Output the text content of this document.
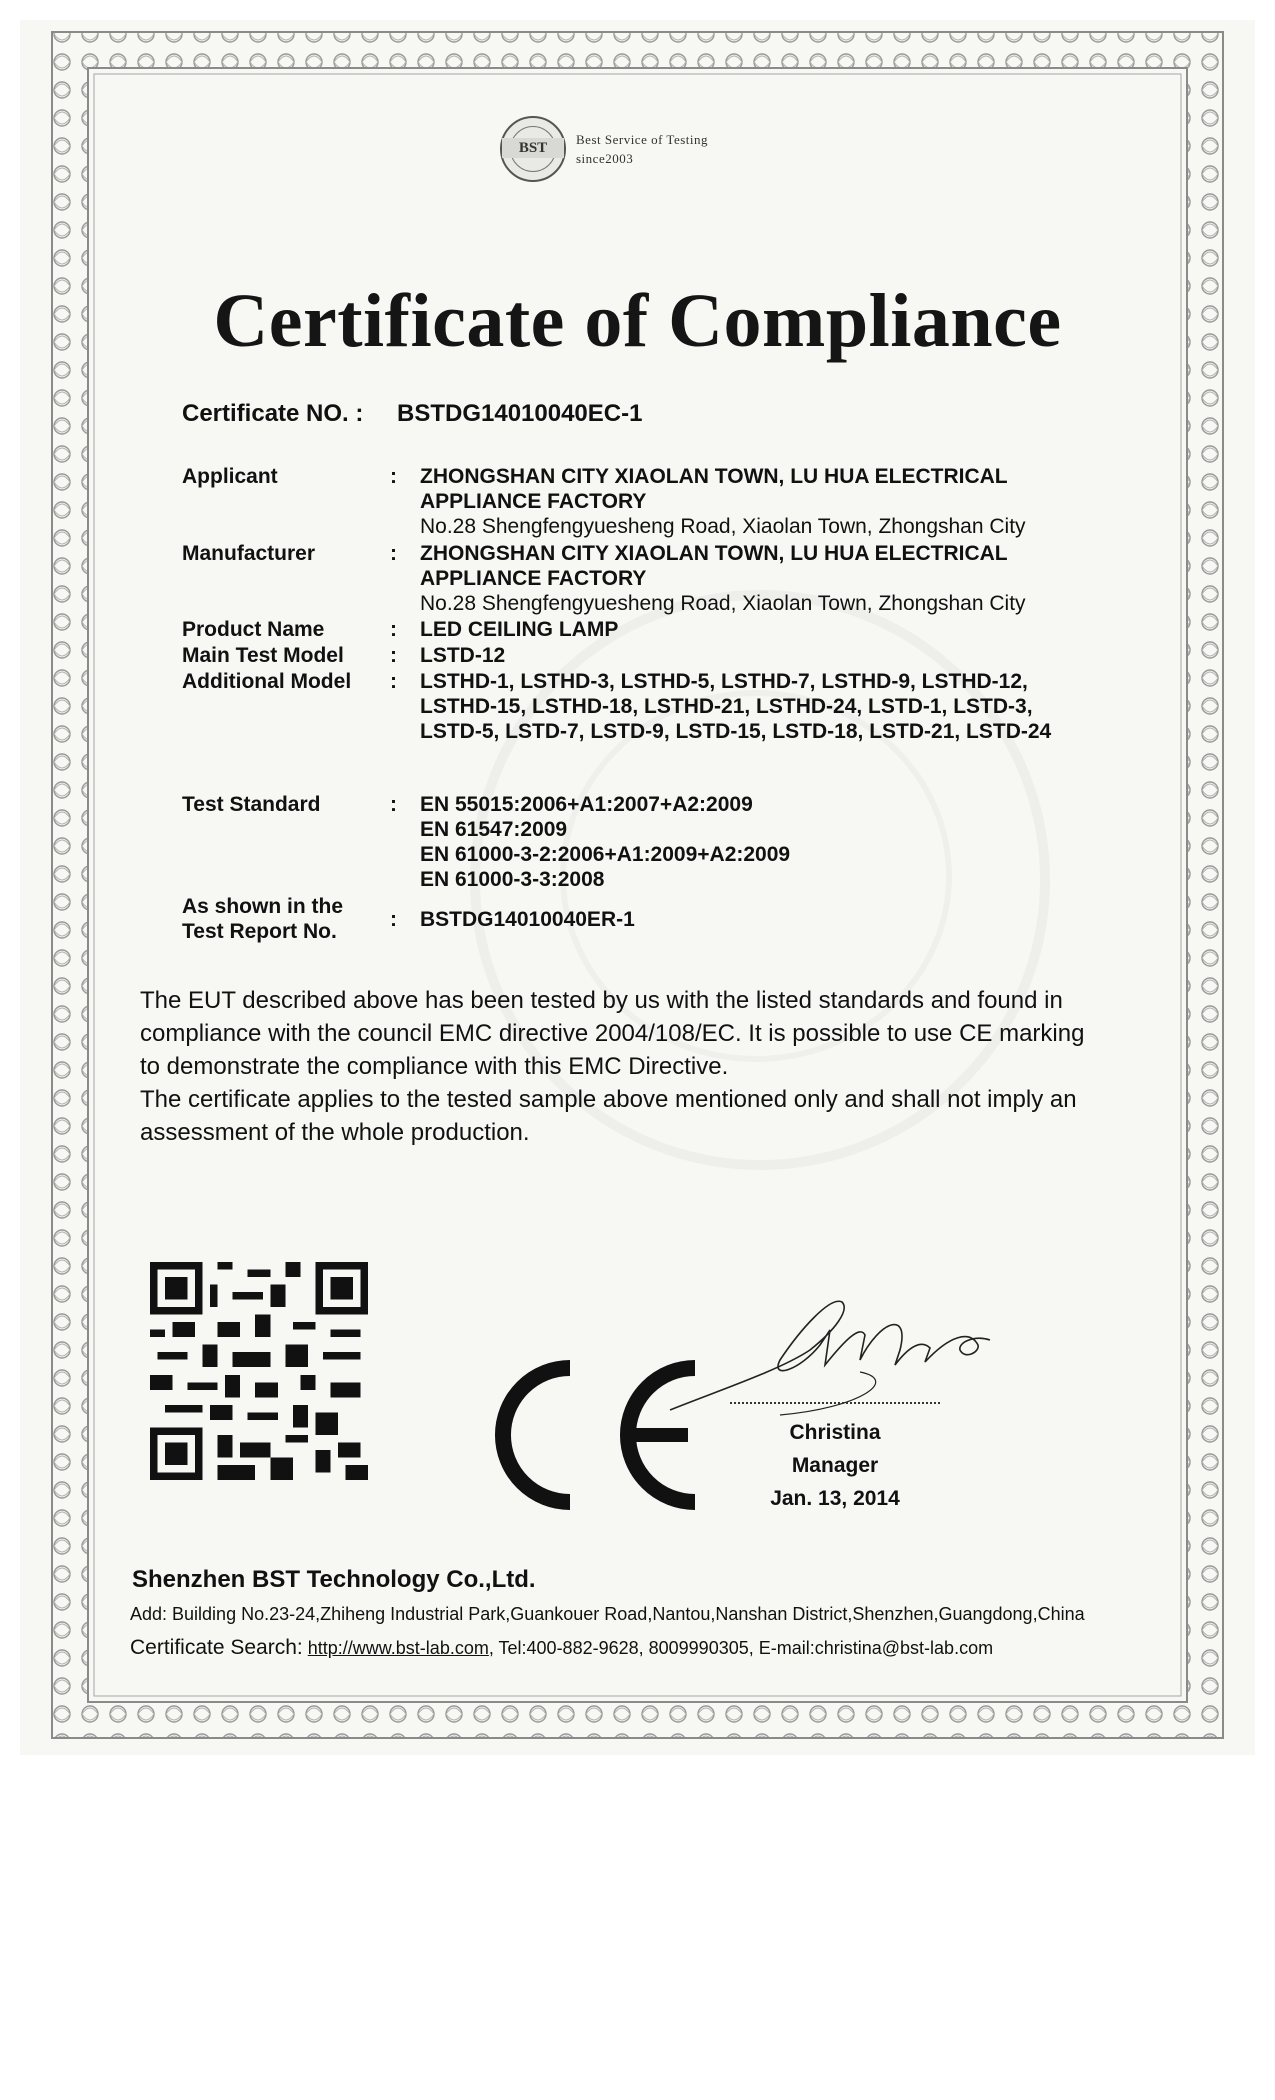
BST
Best Service of Testing
since2003
Certificate of Compliance
Certificate NO. :	BSTDG14010040EC-1
Applicant	:	ZHONGSHAN CITY XIAOLAN TOWN, LU HUA ELECTRICAL
APPLIANCE FACTORY
No.28 Shengfengyuesheng Road, Xiaolan Town, Zhongshan City
Manufacturer	:	ZHONGSHAN CITY XIAOLAN TOWN, LU HUA ELECTRICAL
APPLIANCE FACTORY
No.28 Shengfengyuesheng Road, Xiaolan Town, Zhongshan City
Product Name	:	LED CEILING LAMP
Main Test Model	:	LSTD-12
Additional Model	:	LSTHD-1, LSTHD-3, LSTHD-5, LSTHD-7, LSTHD-9, LSTHD-12,
LSTHD-15, LSTHD-18, LSTHD-21, LSTHD-24, LSTD-1, LSTD-3,
LSTD-5, LSTD-7, LSTD-9, LSTD-15, LSTD-18, LSTD-21, LSTD-24
Test Standard	:	EN 55015:2006+A1:2007+A2:2009
EN 61547:2009
EN 61000-3-2:2006+A1:2009+A2:2009
EN 61000-3-3:2008
As shown in the
Test Report No.
:	BSTDG14010040ER-1

The EUT described above has been tested by us with the listed standards and found in compliance with the council EMC directive 2004/108/EC. It is possible to use CE marking to demonstrate the compliance with this EMC Directive.

The certificate applies to the tested sample above mentioned only and shall not imply an assessment of the whole production.

Christina
Manager
Jan. 13, 2014
Shenzhen BST Technology Co.,Ltd.
Add: Building No.23-24,Zhiheng Industrial Park,Guankouer Road,Nantou,Nanshan District,Shenzhen,Guangdong,China
Certificate Search: http://www.bst-lab.com, Tel:400-882-9628, 8009990305, E-mail:christina@bst-lab.com
